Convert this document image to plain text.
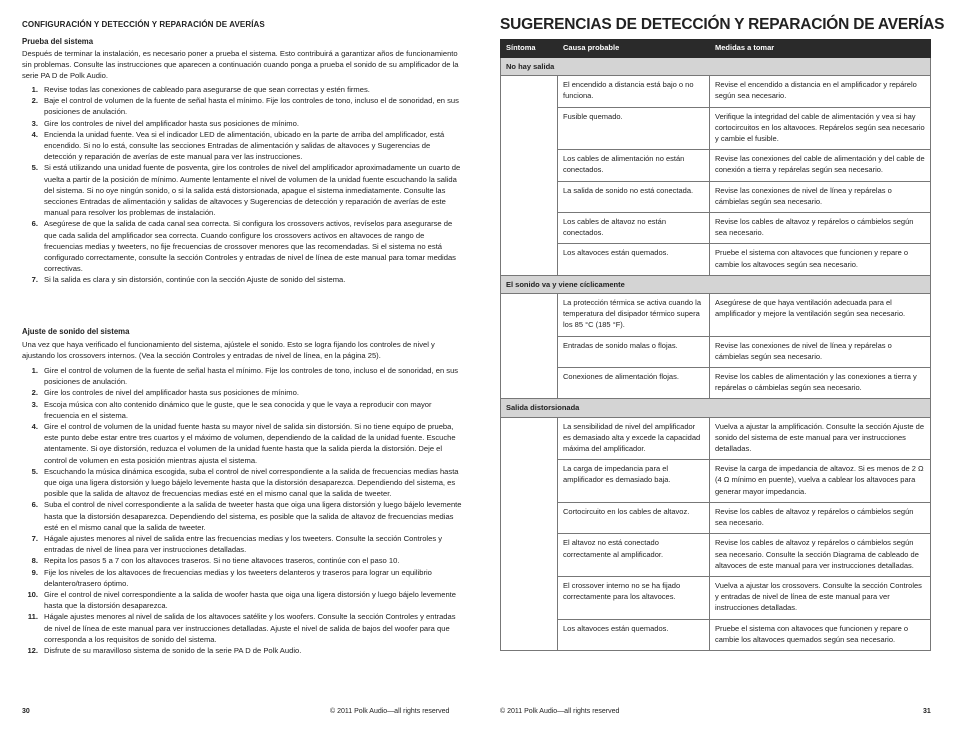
CONFIGURACIÓN Y DETECCIÓN Y REPARACIÓN DE AVERÍAS
Prueba del sistema
Después de terminar la instalación, es necesario poner a prueba el sistema. Esto contribuirá a garantizar años de funcionamiento sin problemas. Consulte las instrucciones que aparecen a continuación cuando ponga a prueba el sonido de su amplificador de la serie PA D de Polk Audio.
1. Revise todas las conexiones de cableado para asegurarse de que sean correctas y estén firmes.
2. Baje el control de volumen de la fuente de señal hasta el mínimo. Fije los controles de tono, incluso el de sonoridad, en sus posiciones de anulación.
3. Gire los controles de nivel del amplificador hasta sus posiciones de mínimo.
4. Encienda la unidad fuente. Vea si el indicador LED de alimentación, ubicado en la parte de arriba del amplificador, está encendido. Si no lo está, consulte las secciones Entradas de alimentación y salidas de altavoces y Sugerencias de detección y reparación de averías de este manual para ver las instrucciones.
5. Si está utilizando una unidad fuente de posventa, gire los controles de nivel del amplificador aproximadamente un cuarto de vuelta a partir de la posición de mínimo. Aumente lentamente el nivel de volumen de la unidad fuente escuchando la salida del sistema. Si no oye ningún sonido, o si la salida está distorsionada, apague el sistema inmediatamente. Consulte las secciones Entradas de alimentación y salidas de altavoces y Sugerencias de detección y reparación de averías de este manual para resolver los problemas de instalación.
6. Asegúrese de que la salida de cada canal sea correcta. Si configura los crossovers activos, revíselos para asegurarse de que cada salida del amplificador sea correcta. Cuando configure los crossovers activos en altavoces de rango de frecuencias medias y tweeters, no fije frecuencias de crossover menores que las recomendadas. Si el sistema no está configurado correctamente, consulte la sección Controles y entradas de nivel de línea de este manual para tomar medidas correctivas.
7. Si la salida es clara y sin distorsión, continúe con la sección Ajuste de sonido del sistema.
Ajuste de sonido del sistema
Una vez que haya verificado el funcionamiento del sistema, ajústele el sonido. Esto se logra fijando los controles de nivel y ajustando los crossovers internos. (Vea la sección Controles y entradas de nivel de línea, en la página 25).
1. Gire el control de volumen de la fuente de señal hasta el mínimo. Fije los controles de tono, incluso el de sonoridad, en sus posiciones de anulación.
2. Gire los controles de nivel del amplificador hasta sus posiciones de mínimo.
3. Escoja música con alto contenido dinámico que le guste, que le sea conocida y que le vaya a reproducir con mayor frecuencia en el sistema.
4. Gire el control de volumen de la unidad fuente hasta su mayor nivel de salida sin distorsión. Si no tiene equipo de prueba, este punto debe estar entre tres cuartos y el máximo de volumen, dependiendo de la calidad de la unidad fuente. Escuche atentamente. Si oye distorsión, reduzca el volumen de la unidad fuente hasta que la salida pierda la distorsión. Deje el control de volumen en esta posición mientras ajusta el sistema.
5. Escuchando la música dinámica escogida, suba el control de nivel correspondiente a la salida de frecuencias medias hasta que oiga una ligera distorsión y luego bájelo levemente hasta que la distorsión desaparezca. Dependiendo del sistema, es posible que la salida de altavoz de frecuencias medias esté en el mismo canal que la salida de tweeter.
6. Suba el control de nivel correspondiente a la salida de tweeter hasta que oiga una ligera distorsión y luego bájelo levemente hasta que la distorsión desaparezca. Dependiendo del sistema, es posible que la salida de altavoz de frecuencias medias esté en el mismo canal que la salida de tweeter.
7. Hágale ajustes menores al nivel de salida entre las frecuencias medias y los tweeters. Consulte la sección Controles y entradas de nivel de línea para ver instrucciones detalladas.
8. Repita los pasos 5 a 7 con los altavoces traseros. Si no tiene altavoces traseros, continúe con el paso 10.
9. Fije los niveles de los altavoces de frecuencias medias y los tweeters delanteros y traseros para lograr un equilibrio delantero/trasero óptimo.
10. Gire el control de nivel correspondiente a la salida de woofer hasta que oiga una ligera distorsión y luego bájelo levemente hasta que la distorsión desaparezca.
11. Hágale ajustes menores al nivel de salida de los altavoces satélite y los woofers. Consulte la sección Controles y entradas de nivel de línea de este manual para ver instrucciones detalladas. Ajuste el nivel de salida de bajos del woofer para que corresponda a los requisitos de sonido del sistema.
12. Disfrute de su maravilloso sistema de sonido de la serie PA D de Polk Audio.
30	© 2011 Polk Audio—all rights reserved
SUGERENCIAS DE DETECCIÓN Y REPARACIÓN DE AVERÍAS
Síntoma	Causa probable	Medidas a tomar
No hay salida		
	El encendido a distancia está bajo o no funciona.	Revise el encendido a distancia en el amplificador y repárelo según sea necesario.
	Fusible quemado.	Verifique la integridad del cable de alimentación y vea si hay cortocircuitos en los altavoces. Repárelos según sea necesario y cambie el fusible.
	Los cables de alimentación no están conectados.	Revise las conexiones del cable de alimentación y del cable de conexión a tierra y repárelas según sea necesario.
	La salida de sonido no está conectada.	Revise las conexiones de nivel de línea y repárelas o cámbielas según sea necesario.
	Los cables de altavoz no están conectados.	Revise los cables de altavoz y repárelos o cámbielos según sea necesario.
	Los altavoces están quemados.	Pruebe el sistema con altavoces que funcionen y repare o cambie los altavoces según sea necesario.
El sonido va y viene cíclicamente		
	La protección térmica se activa cuando la temperatura del disipador térmico supera los 85 °C (185 °F).	Asegúrese de que haya ventilación adecuada para el amplificador y mejore la ventilación según sea necesario.
	Entradas de sonido malas o flojas.	Revise las conexiones de nivel de línea y repárelas o cámbielas según sea necesario.
	Conexiones de alimentación flojas.	Revise los cables de alimentación y las conexiones a tierra y repárelas o cámbielas según sea necesario.
Salida distorsionada		
	La sensibilidad de nivel del amplificador es demasiado alta y excede la capacidad máxima del amplificador.	Vuelva a ajustar la amplificación. Consulte la sección Ajuste de sonido del sistema de este manual para ver instrucciones detalladas.
	La carga de impedancia para el amplificador es demasiado baja.	Revise la carga de impedancia de altavoz. Si es menos de 2 Ω (4 Ω mínimo en puente), vuelva a cablear los altavoces para generar mayor impedancia.
	Cortocircuito en los cables de altavoz.	Revise los cables de altavoz y repárelos o cámbielos según sea necesario.
	El altavoz no está conectado correctamente al amplificador.	Revise los cables de altavoz y repárelos o cámbielos según sea necesario. Consulte la sección Diagrama de cableado de altavoces de este manual para ver instrucciones detalladas.
	El crossover interno no se ha fijado correctamente para los altavoces.	Vuelva a ajustar los crossovers. Consulte la sección Controles y entradas de nivel de línea de este manual para ver instrucciones detalladas.
	Los altavoces están quemados.	Pruebe el sistema con altavoces que funcionen y repare o cambie los altavoces quemados según sea necesario.
© 2011 Polk Audio—all rights reserved	31
